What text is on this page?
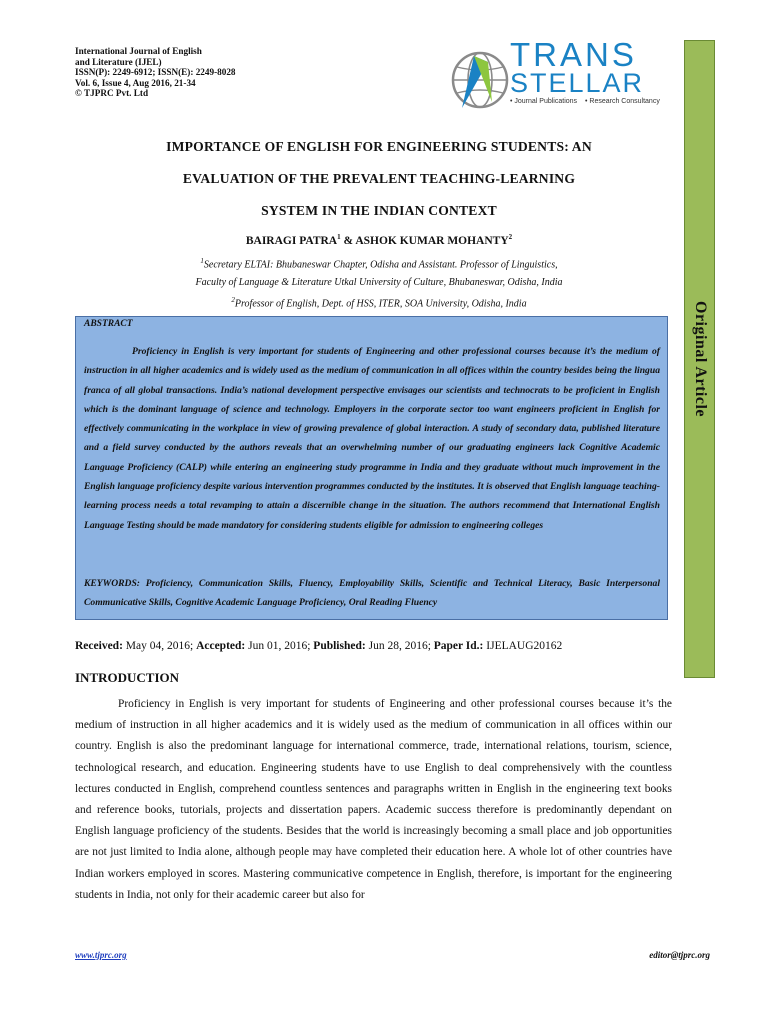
International Journal of English
and Literature (IJEL)
ISSN(P): 2249-6912; ISSN(E): 2249-8028
Vol. 6, Issue 4, Aug 2016, 21-34
© TJPRC Pvt. Ltd
TRANS
STELLAR
• Journal Publications • Research Consultancy
Original Article
IMPORTANCE OF ENGLISH FOR ENGINEERING STUDENTS: AN
EVALUATION OF THE PREVALENT TEACHING-LEARNING
SYSTEM IN THE INDIAN CONTEXT
BAIRAGI PATRA$^1$ & ASHOK KUMAR MOHANTY$^2$
$^1$Secretary ELTAI: Bhubaneswar Chapter, Odisha and Assistant. Professor of Linguistics,
Faculty of Language & Literature Utkal University of Culture, Bhubaneswar, Odisha, India
$^2$Professor of English, Dept. of HSS, ITER, SOA University, Odisha, India
ABSTRACT
Proficiency in English is very important for students of Engineering and other professional courses because it’s the medium of instruction in all higher academics and is widely used as the medium of communication in all offices within the country besides being the lingua franca of all global transactions. India’s national development perspective envisages our scientists and technocrats to be proficient in English which is the dominant language of science and technology. Employers in the corporate sector too want engineers proficient in English for effectively communicating in the workplace in view of growing prevalence of global interaction. A study of secondary data, published literature and a field survey conducted by the authors reveals that an overwhelming number of our graduating engineers lack Cognitive Academic Language Proficiency (CALP) while entering an engineering study programme in India and they graduate without much improvement in the English language proficiency despite various intervention programmes conducted by the institutes. It is observed that English language teaching-learning process needs a total revamping to attain a discernible change in the situation. The authors recommend that International English Language Testing should be made mandatory for considering students eligible for admission to engineering colleges
KEYWORDS: Proficiency, Communication Skills, Fluency, Employability Skills, Scientific and Technical Literacy, Basic Interpersonal Communicative Skills, Cognitive Academic Language Proficiency, Oral Reading Fluency
Received: May 04, 2016; Accepted: Jun 01, 2016; Published: Jun 28, 2016; Paper Id.: IJELAUG20162
INTRODUCTION
Proficiency in English is very important for students of Engineering and other professional courses because it’s the medium of instruction in all higher academics and it is widely used as the medium of communication in all offices within our country. English is also the predominant language for international commerce, trade, international relations, tourism, science, technological research, and education. Engineering students have to use English to deal comprehensively with the countless lectures conducted in English, comprehend countless sentences and paragraphs written in English in the engineering text books and reference books, tutorials, projects and dissertation papers. Academic success therefore is predominantly dependant on English language proficiency of the students. Besides that the world is increasingly becoming a small place and job opportunities are not just limited to India alone, although people may have completed their education here. A whole lot of other countries have Indian workers employed in scores. Mastering communicative competence in English, therefore, is important for the engineering students in India, not only for their academic career but also for
www.tjprc.org	editor@tjprc.org
